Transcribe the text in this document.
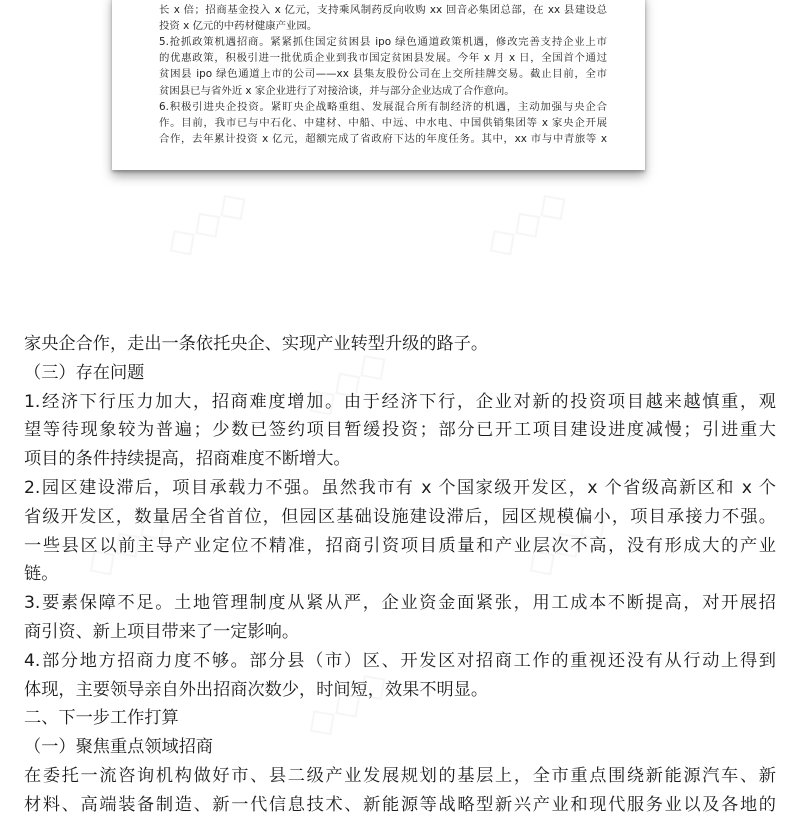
长 x 倍；招商基金投入 x 亿元，支持乘风制药反向收购 xx 回音必集团总部，在 xx 县建设总
投资 x 亿元的中药材健康产业园。
5.抢抓政策机遇招商。紧紧抓住国定贫困县 ipo 绿色通道政策机遇，修改完善支持企业上市
的优惠政策，积极引进一批优质企业到我市国定贫困县发展。今年 x 月 x 日，全国首个通过
贫困县 ipo 绿色通道上市的公司——xx 县集友股份公司在上交所挂牌交易。截止目前，全市
贫困县已与省外近 x 家企业进行了对接洽谈，并与部分企业达成了合作意向。
6.积极引进央企投资。紧盯央企战略重组、发展混合所有制经济的机遇，主动加强与央企合
作。目前，我市已与中石化、中建材、中船、中远、中水电、中国供销集团等 x 家央企开展
合作，去年累计投资 x 亿元，超额完成了省政府下达的年度任务。其中，xx 市与中青旅等 x
◇◇◇	◇◇◇
◇◇◇
◇◇◇	◇◇◇
◇◇◇
家央企合作，走出一条依托央企、实现产业转型升级的路子。
（三）存在问题
1.经济下行压力加大，招商难度增加。由于经济下行，企业对新的投资项目越来越慎重，观
望等待现象较为普遍；少数已签约项目暂缓投资；部分已开工项目建设进度减慢；引进重大
项目的条件持续提高，招商难度不断增大。
2.园区建设滞后，项目承载力不强。虽然我市有 x 个国家级开发区，x 个省级高新区和 x 个
省级开发区，数量居全省首位，但园区基础设施建设滞后，园区规模偏小，项目承接力不强。
一些县区以前主导产业定位不精准，招商引资项目质量和产业层次不高，没有形成大的产业
链。
3.要素保障不足。土地管理制度从紧从严，企业资金面紧张，用工成本不断提高，对开展招
商引资、新上项目带来了一定影响。
4.部分地方招商力度不够。部分县（市）区、开发区对招商工作的重视还没有从行动上得到
体现，主要领导亲自外出招商次数少，时间短，效果不明显。
二、下一步工作打算
（一）聚焦重点领域招商
在委托一流咨询机构做好市、县二级产业发展规划的基层上，全市重点围绕新能源汽车、新
材料、高端装备制造、新一代信息技术、新能源等战略型新兴产业和现代服务业以及各地的
